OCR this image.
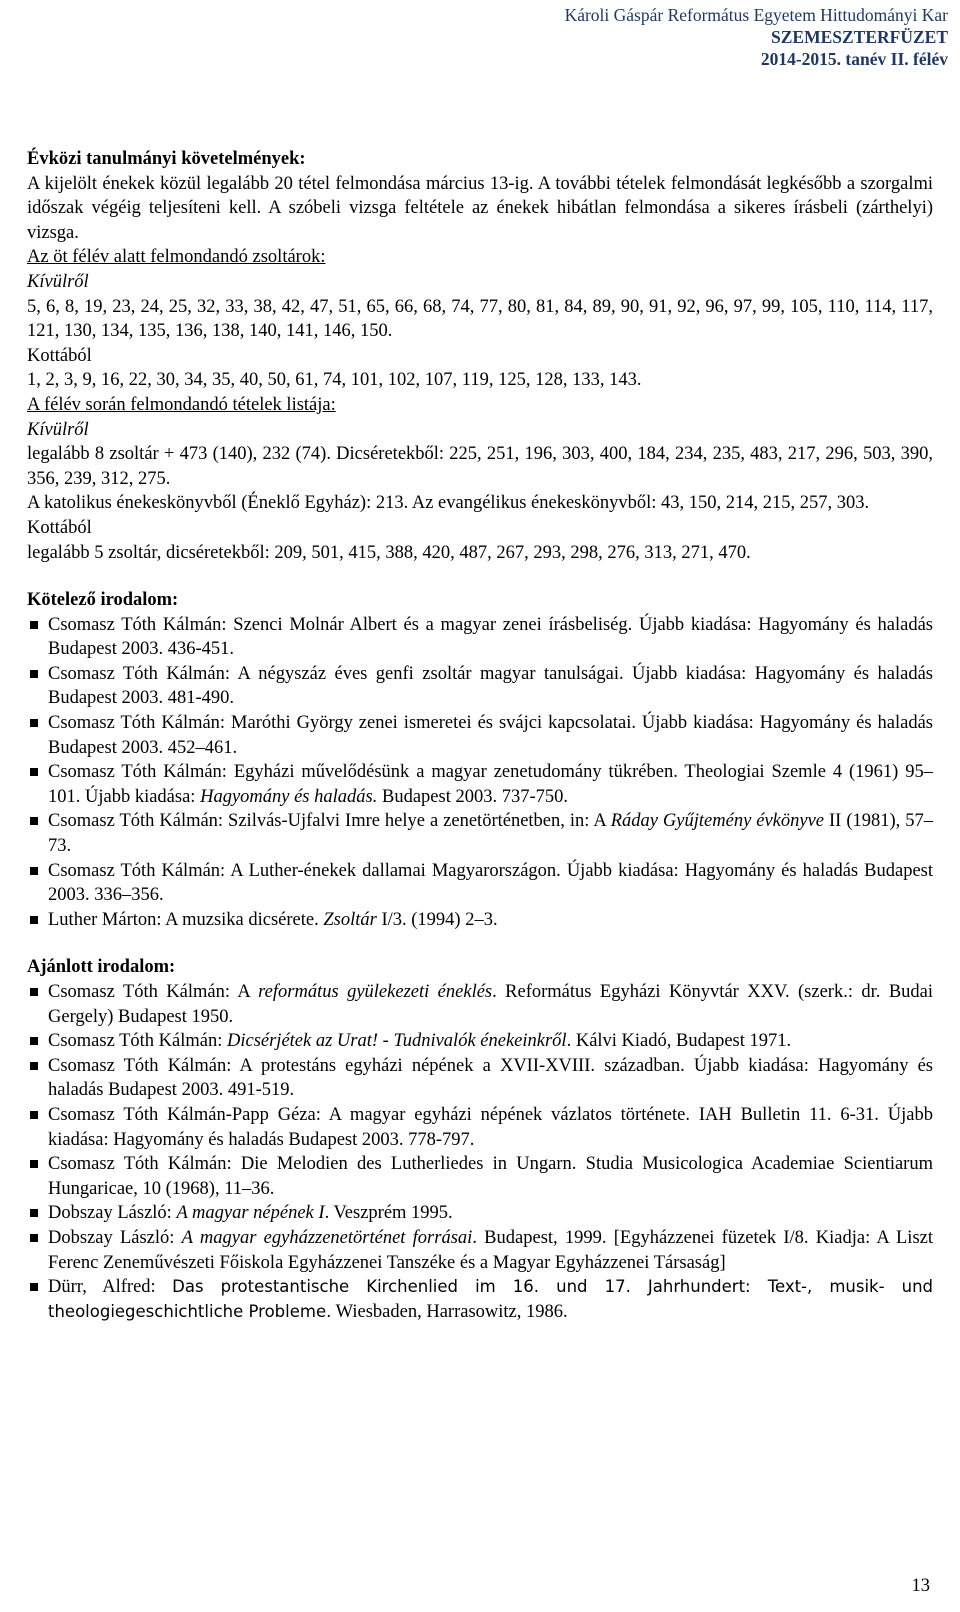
Károli Gáspár Református Egyetem Hittudományi Kar
SZEMESZTERFÜZET
2014-2015. tanév II. félév
Évközi tanulmányi követelmények:
A kijelölt énekek közül legalább 20 tétel felmondása március 13-ig. A további tételek felmondását legkésőbb a szorgalmi időszak végéig teljesíteni kell. A szóbeli vizsga feltétele az énekek hibátlan felmondása a sikeres írásbeli (zárthelyi) vizsga.
Az öt félév alatt felmondandó zsoltárok:
Kívülről
5, 6, 8, 19, 23, 24, 25, 32, 33, 38, 42, 47, 51, 65, 66, 68, 74, 77, 80, 81, 84, 89, 90, 91, 92, 96, 97, 99, 105, 110, 114, 117, 121, 130, 134, 135, 136, 138, 140, 141, 146, 150.
Kottából
1, 2, 3, 9, 16, 22, 30, 34, 35, 40, 50, 61, 74, 101, 102, 107, 119, 125, 128, 133, 143.
A félév során felmondandó tételek listája:
Kívülről
legalább 8 zsoltár + 473 (140), 232 (74). Dicséretekből: 225, 251, 196, 303, 400, 184, 234, 235, 483, 217, 296, 503, 390, 356, 239, 312, 275.
A katolikus énekeskönyvből (Éneklő Egyház): 213. Az evangélikus énekeskönyvből: 43, 150, 214, 215, 257, 303.
Kottából
legalább 5 zsoltár, dicséretekből: 209, 501, 415, 388, 420, 487, 267, 293, 298, 276, 313, 271, 470.
Kötelező irodalom:
Csomasz Tóth Kálmán: Szenci Molnár Albert és a magyar zenei írásbeliség. Újabb kiadása: Hagyomány és haladás Budapest 2003. 436-451.
Csomasz Tóth Kálmán: A négyszáz éves genfi zsoltár magyar tanulságai. Újabb kiadása: Hagyomány és haladás Budapest 2003. 481-490.
Csomasz Tóth Kálmán: Maróthi György zenei ismeretei és svájci kapcsolatai. Újabb kiadása: Hagyomány és haladás Budapest 2003. 452–461.
Csomasz Tóth Kálmán: Egyházi művelődésünk a magyar zenetudomány tükrében. Theologiai Szemle 4 (1961) 95–101. Újabb kiadása: Hagyomány és haladás. Budapest 2003. 737-750.
Csomasz Tóth Kálmán: Szilvás-Ujfalvi Imre helye a zenetörténetben, in: A Ráday Gyűjtemény évkönyve II (1981), 57–73.
Csomasz Tóth Kálmán: A Luther-énekek dallamai Magyarországon. Újabb kiadása: Hagyomány és haladás Budapest 2003. 336–356.
Luther Márton: A muzsika dicsérete. Zsoltár I/3. (1994) 2–3.
Ajánlott irodalom:
Csomasz Tóth Kálmán: A református gyülekezeti éneklés. Református Egyházi Könyvtár XXV. (szerk.: dr. Budai Gergely) Budapest 1950.
Csomasz Tóth Kálmán: Dicsérjétek az Urat! - Tudnivalók énekeinkről. Kálvi Kiadó, Budapest 1971.
Csomasz Tóth Kálmán: A protestáns egyházi népének a XVII-XVIII. században. Újabb kiadása: Hagyomány és haladás Budapest 2003. 491-519.
Csomasz Tóth Kálmán-Papp Géza: A magyar egyházi népének vázlatos története. IAH Bulletin 11. 6-31. Újabb kiadása: Hagyomány és haladás Budapest 2003. 778-797.
Csomasz Tóth Kálmán: Die Melodien des Lutherliedes in Ungarn. Studia Musicologica Academiae Scientiarum Hungaricae, 10 (1968), 11–36.
Dobszay László: A magyar népének I. Veszprém 1995.
Dobszay László: A magyar egyházzenetörténet forrásai. Budapest, 1999. [Egyházzenei füzetek I/8. Kiadja: A Liszt Ferenc Zeneművészeti Főiskola Egyházzenei Tanszéke és a Magyar Egyházzenei Társaság]
Dürr, Alfred: Das protestantische Kirchenlied im 16. und 17. Jahrhundert: Text-, musik- und theologiegeschichtliche Probleme. Wiesbaden, Harrasowitz, 1986.
13
